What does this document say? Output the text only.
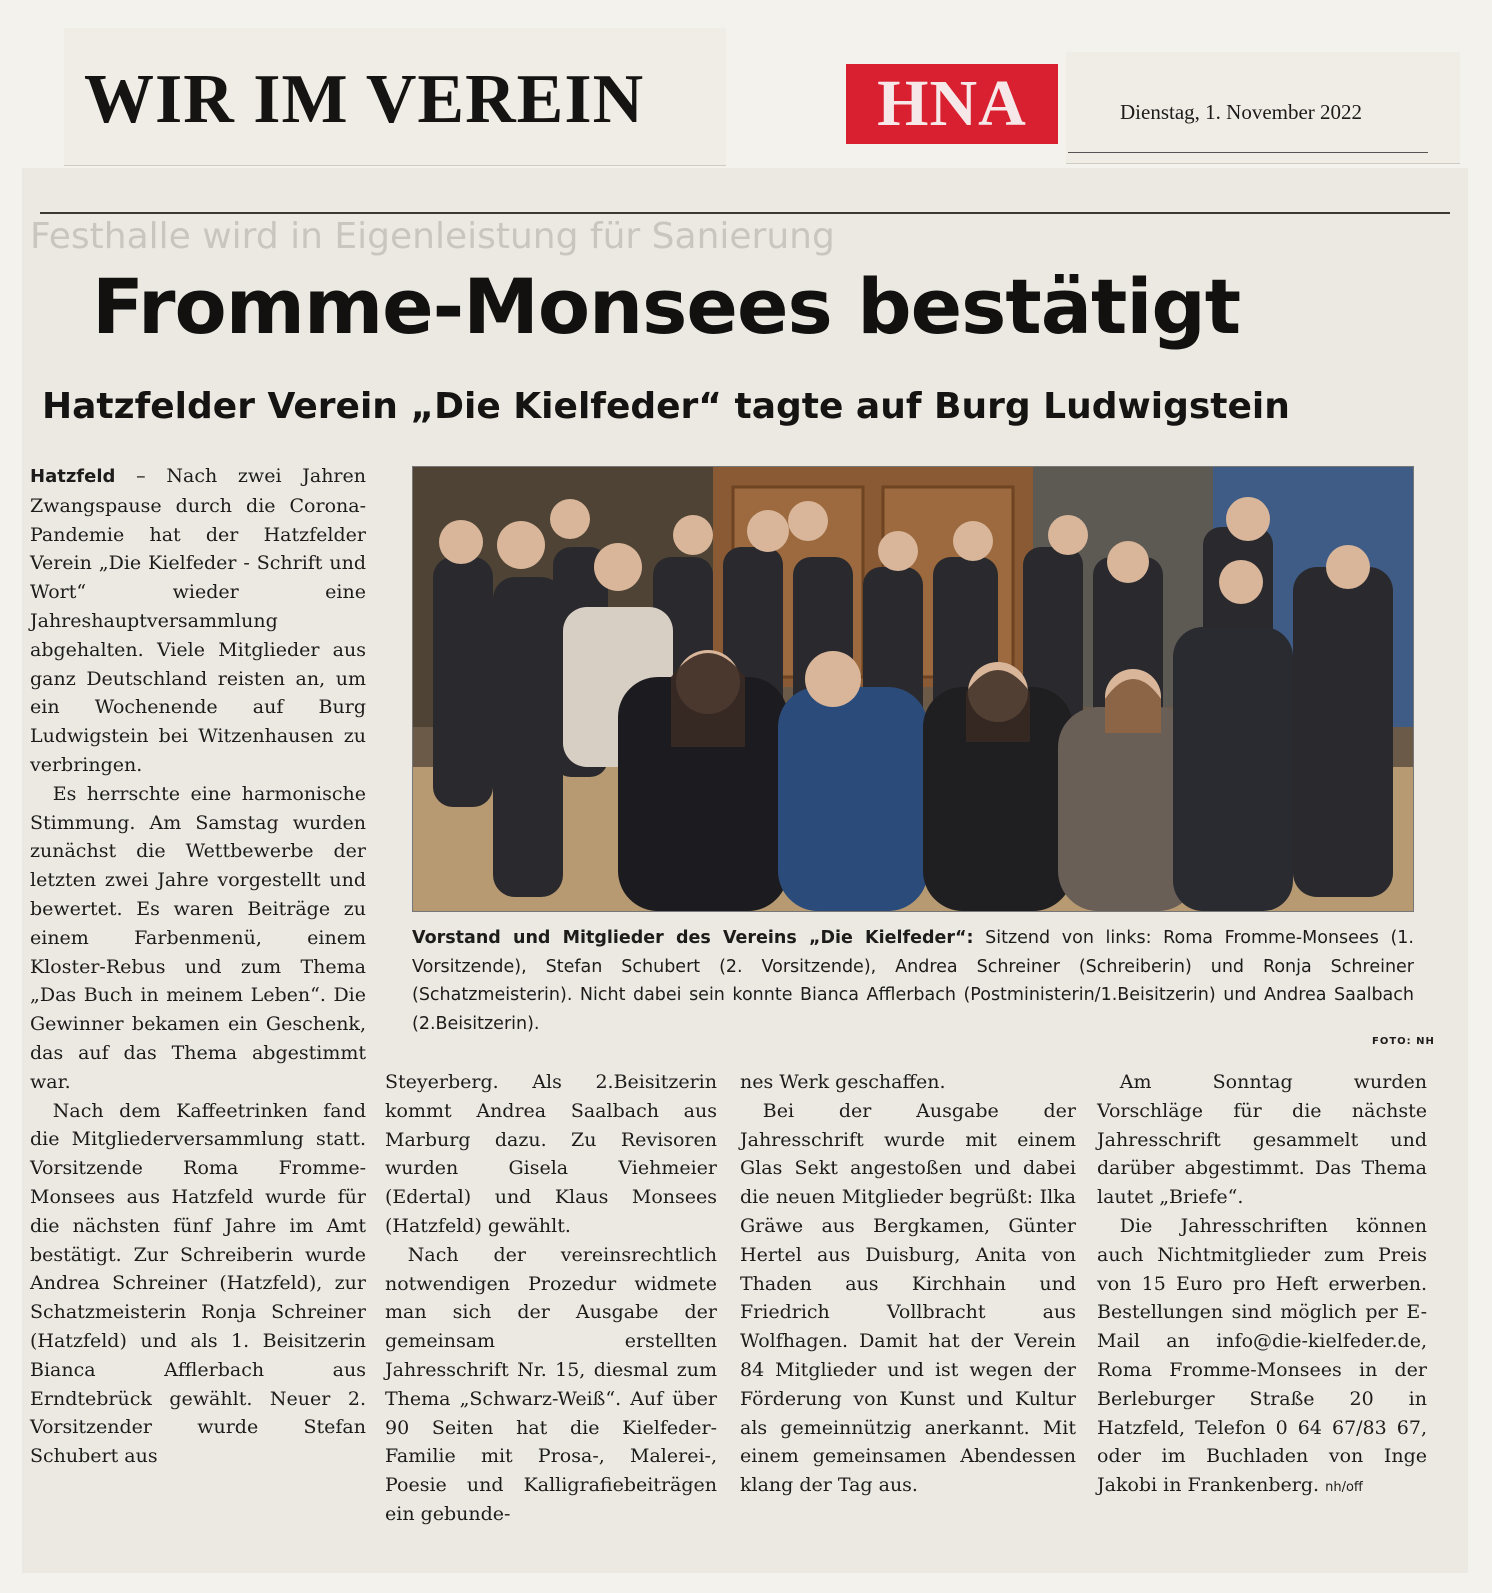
WIR IM VEREIN	HNA	Dienstag, 1. November 2022
Festhalle wird in Eigenleistung für Sanierung
Fromme-Monsees bestätigt
Hatzfelder Verein „Die Kielfeder“ tagte auf Burg Ludwigstein

Hatzfeld – Nach zwei Jahren Zwangspause durch die Corona-Pandemie hat der Hatzfelder Verein „Die Kielfeder - Schrift und Wort“ wieder eine Jahreshauptversammlung abgehalten. Viele Mitglieder aus ganz Deutschland reisten an, um ein Wochenende auf Burg Ludwigstein bei Witzenhausen zu verbringen.

Es herrschte eine harmonische Stimmung. Am Samstag wurden zunächst die Wettbewerbe der letzten zwei Jahre vorgestellt und bewertet. Es waren Beiträge zu einem Farbenmenü, einem Kloster-Rebus und zum Thema „Das Buch in meinem Leben“. Die Gewinner bekamen ein Geschenk, das auf das Thema abgestimmt war.

Nach dem Kaffeetrinken fand die Mitgliederversammlung statt. Vorsitzende Roma Fromme-Monsees aus Hatzfeld wurde für die nächsten fünf Jahre im Amt bestätigt. Zur Schreiberin wurde Andrea Schreiner (Hatzfeld), zur Schatzmeisterin Ronja Schreiner (Hatzfeld) und als 1. Beisitzerin Bianca Afflerbach aus Erndtebrück gewählt. Neuer 2. Vorsitzender wurde Stefan Schubert aus

Vorstand und Mitglieder des Vereins „Die Kielfeder“: Sitzend von links: Roma Fromme-Monsees (1. Vorsitzende), Stefan Schubert (2. Vorsitzende), Andrea Schreiner (Schreiberin) und Ronja Schreiner (Schatzmeisterin). Nicht dabei sein konnte Bianca Afflerbach (Postministerin/1.Beisitzerin) und Andrea Saalbach (2.Beisitzerin).
FOTO: NH

Steyerberg. Als 2.Beisitzerin kommt Andrea Saalbach aus Marburg dazu. Zu Revisoren wurden Gisela Viehmeier (Edertal) und Klaus Monsees (Hatzfeld) gewählt.

Nach der vereinsrechtlich notwendigen Prozedur widmete man sich der Ausgabe der gemeinsam erstellten Jahresschrift Nr. 15, diesmal zum Thema „Schwarz-Weiß“. Auf über 90 Seiten hat die Kielfeder-Familie mit Prosa-, Malerei-, Poesie und Kalligrafiebeiträgen ein gebunde-

nes Werk geschaffen.

Bei der Ausgabe der Jahresschrift wurde mit einem Glas Sekt angestoßen und dabei die neuen Mitglieder begrüßt: Ilka Gräwe aus Bergkamen, Günter Hertel aus Duisburg, Anita von Thaden aus Kirchhain und Friedrich Vollbracht aus Wolfhagen. Damit hat der Verein 84 Mitglieder und ist wegen der Förderung von Kunst und Kultur als gemeinnützig anerkannt. Mit einem gemeinsamen Abendessen klang der Tag aus.

Am Sonntag wurden Vorschläge für die nächste Jahresschrift gesammelt und darüber abgestimmt. Das Thema lautet „Briefe“.

Die Jahresschriften können auch Nichtmitglieder zum Preis von 15 Euro pro Heft erwerben. Bestellungen sind möglich per E-Mail an info@die-kielfeder.de, Roma Fromme-Monsees in der Berleburger Straße 20 in Hatzfeld, Telefon 0 64 67/83 67, oder im Buchladen von Inge Jakobi in Frankenberg. nh/off
